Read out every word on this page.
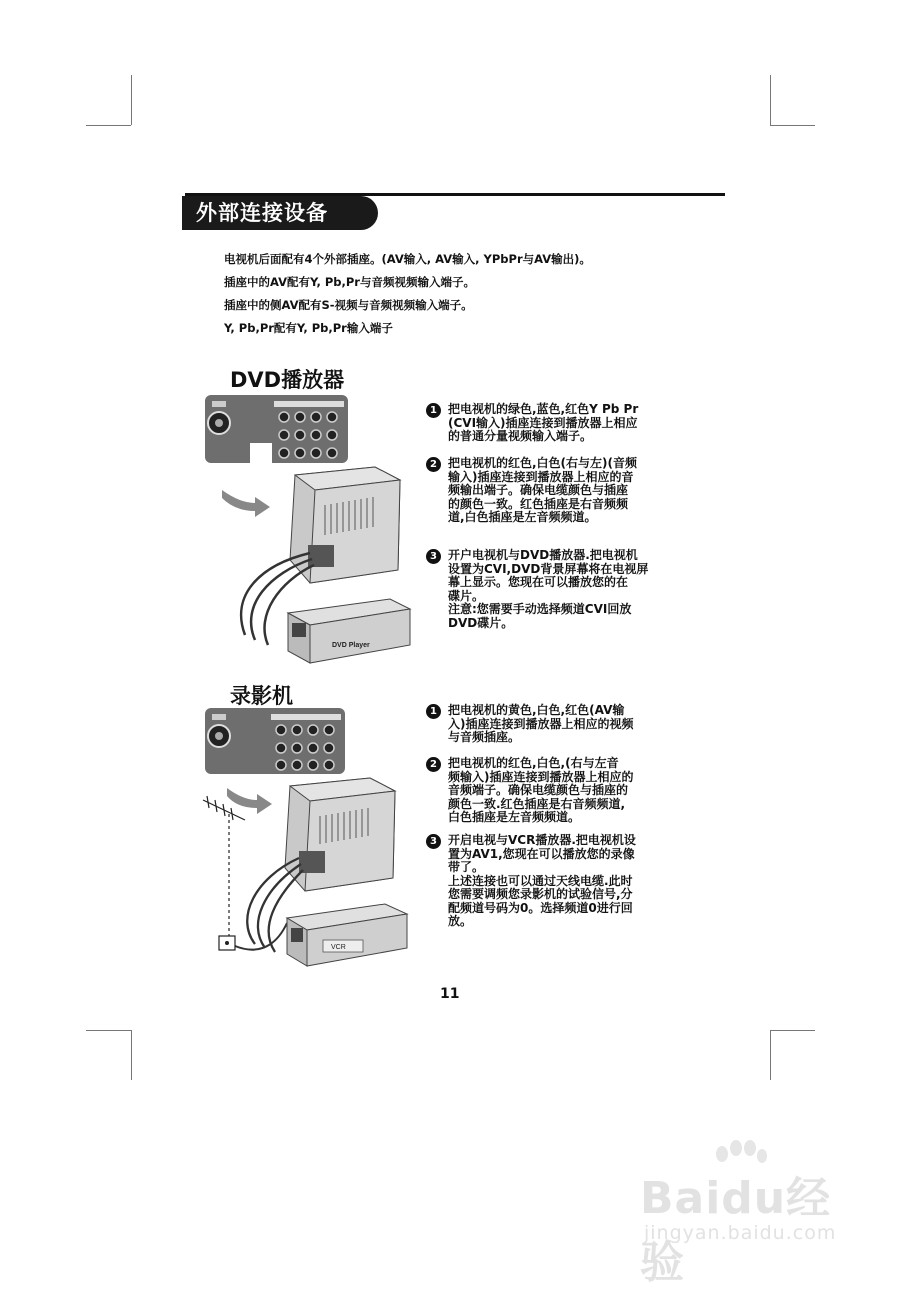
外部连接设备
电视机后面配有4个外部插座。(AV输入, AV输入, YPbPr与AV输出)。
插座中的AV配有Y, Pb,Pr与音频视频输入端子。
插座中的侧AV配有S-视频与音频视频输入端子。
Y, Pb,Pr配有Y, Pb,Pr输入端子
DVD播放器
DVD Player
1 把电视机的绿色,蓝色,红色Y Pb Pr
(CVI输入)插座连接到播放器上相应
的普通分量视频输入端子。
2 把电视机的红色,白色(右与左)(音频
输入)插座连接到播放器上相应的音
频输出端子。确保电缆颜色与插座
的颜色一致。红色插座是右音频频
道,白色插座是左音频频道。
3 开户电视机与DVD播放器.把电视机
设置为CVI,DVD背景屏幕将在电视屏
幕上显示。您现在可以播放您的在
碟片。
注意:您需要手动选择频道CVI回放
DVD碟片。
录影机
VCR
1 把电视机的黄色,白色,红色(AV输
入)插座连接到播放器上相应的视频
与音频插座。
2 把电视机的红色,白色,(右与左音
频输入)插座连接到播放器上相应的
音频端子。确保电缆颜色与插座的
颜色一致.红色插座是右音频频道,
白色插座是左音频频道。
3 开启电视与VCR播放器.把电视机设
置为AV1,您现在可以播放您的录像
带了。
上述连接也可以通过天线电缆.此时
您需要调频您录影机的试验信号,分
配频道号码为0。选择频道0进行回
放。
11
Baidu经验
jingyan.baidu.com
